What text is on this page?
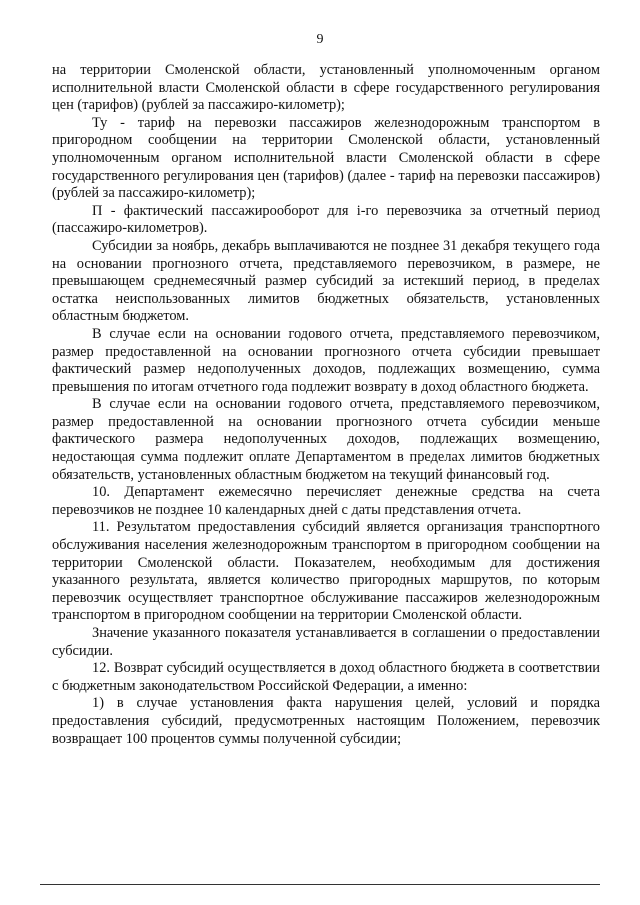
9

на территории Смоленской области, установленный уполномоченным органом исполнительной власти Смоленской области в сфере государственного регулирования цен (тарифов) (рублей за пассажиро-километр);

Ту - тариф на перевозки пассажиров железнодорожным транспортом в пригородном сообщении на территории Смоленской области, установленный уполномоченным органом исполнительной власти Смоленской области в сфере государственного регулирования цен (тарифов) (далее - тариф на перевозки пассажиров) (рублей за пассажиро-километр);

П - фактический пассажирооборот для i-го перевозчика за отчетный период (пассажиро-километров).

Субсидии за ноябрь, декабрь выплачиваются не позднее 31 декабря текущего года на основании прогнозного отчета, представляемого перевозчиком, в размере, не превышающем среднемесячный размер субсидий за истекший период, в пределах остатка неиспользованных лимитов бюджетных обязательств, установленных областным бюджетом.

В случае если на основании годового отчета, представляемого перевозчиком, размер предоставленной на основании прогнозного отчета субсидии превышает фактический размер недополученных доходов, подлежащих возмещению, сумма превышения по итогам отчетного года подлежит возврату в доход областного бюджета.

В случае если на основании годового отчета, представляемого перевозчиком, размер предоставленной на основании прогнозного отчета субсидии меньше фактического размера недополученных доходов, подлежащих возмещению, недостающая сумма подлежит оплате Департаментом в пределах лимитов бюджетных обязательств, установленных областным бюджетом на текущий финансовый год.

10. Департамент ежемесячно перечисляет денежные средства на счета перевозчиков не позднее 10 календарных дней с даты представления отчета.

11. Результатом предоставления субсидий является организация транспортного обслуживания населения железнодорожным транспортом в пригородном сообщении на территории Смоленской области. Показателем, необходимым для достижения указанного результата, является количество пригородных маршрутов, по которым перевозчик осуществляет транспортное обслуживание пассажиров железнодорожным транспортом в пригородном сообщении на территории Смоленской области.

Значение указанного показателя устанавливается в соглашении о предоставлении субсидии.

12. Возврат субсидий осуществляется в доход областного бюджета в соответствии с бюджетным законодательством Российской Федерации, а именно:

1) в случае установления факта нарушения целей, условий и порядка предоставления субсидий, предусмотренных настоящим Положением, перевозчик возвращает 100 процентов суммы полученной субсидии;
